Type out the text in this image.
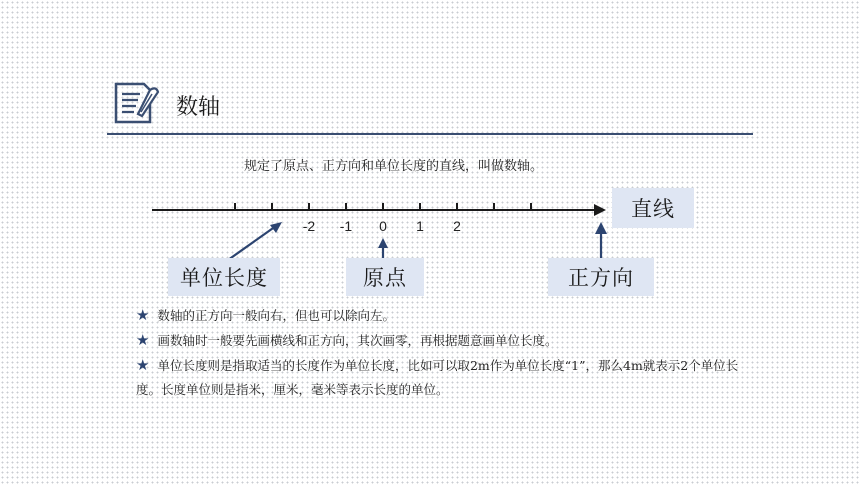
数轴
规定了原点、正方向和单位长度的直线，叫做数轴。
-2 -1 0 1 2
直线
单位长度	原点	正方向

★ 数轴的正方向一般向右，但也可以除向左。

★ 画数轴时一般要先画横线和正方向，其次画零，再根据题意画单位长度。

★ 单位长度则是指取适当的长度作为单位长度，比如可以取2m作为单位长度“1”，那么4m就表示2个单位长度。长度单位则是指米，厘米，毫米等表示长度的单位。
